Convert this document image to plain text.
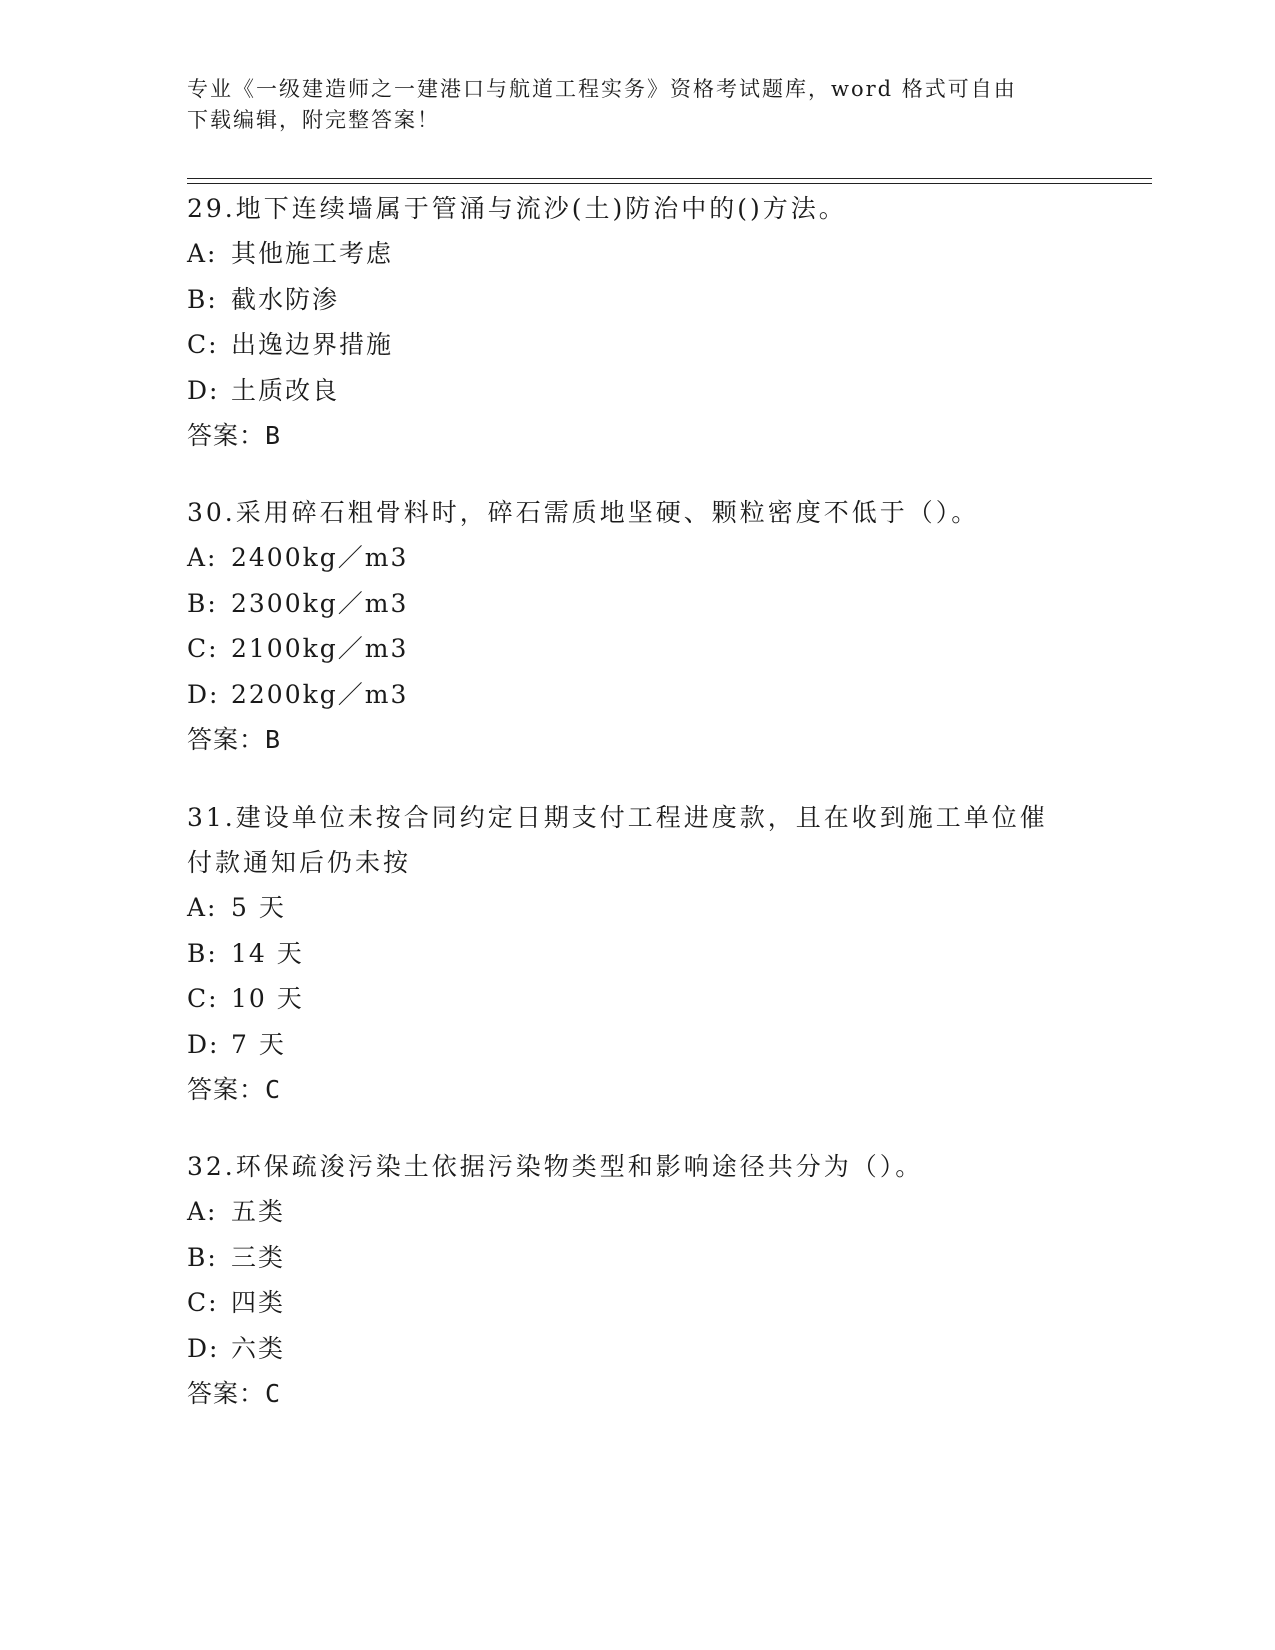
专业《一级建造师之一建港口与航道工程实务》资格考试题库，word 格式可自由
下载编辑，附完整答案！

29.地下连续墙属于管涌与流沙(土)防治中的()方法。

A: 其他施工考虑

B: 截水防渗

C: 出逸边界措施

D: 土质改良

答案：B

30.采用碎石粗骨料时，碎石需质地坚硬、颗粒密度不低于（）。

A: 2400kg／m3

B: 2300kg／m3

C: 2100kg／m3

D: 2200kg／m3

答案：B

31.建设单位未按合同约定日期支付工程进度款，且在收到施工单位催

付款通知后仍未按

A: 5 天

B: 14 天

C: 10 天

D: 7 天

答案：C

32.环保疏浚污染土依据污染物类型和影响途径共分为（）。

A: 五类

B: 三类

C: 四类

D: 六类

答案：C
